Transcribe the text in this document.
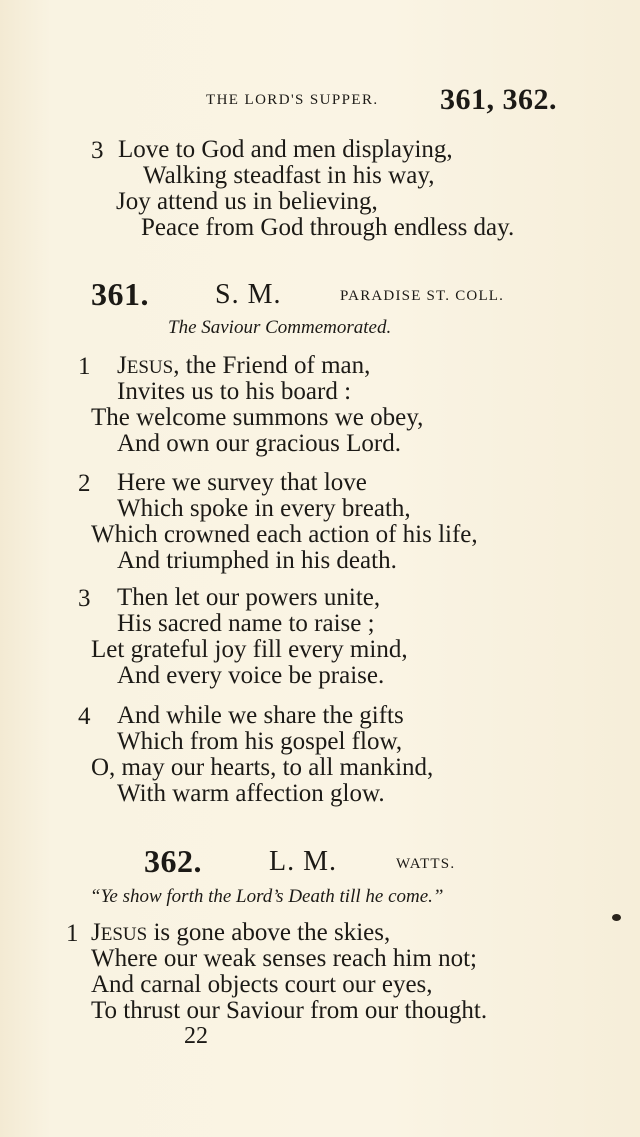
THE LORD'S SUPPER. 361, 362.
3 Love to God and men displaying,
Walking steadfast in his way,
Joy attend us in believing,
Peace from God through endless day.
361. S. M.	PARADISE ST. COLL.
The Saviour Commemorated.
1 JESUS, the Friend of man,
Invites us to his board :
The welcome summons we obey,
And own our gracious Lord.
2 Here we survey that love
Which spoke in every breath,
Which crowned each action of his life,
And triumphed in his death.
3 Then let our powers unite,
His sacred name to raise ;
Let grateful joy fill every mind,
And every voice be praise.
4 And while we share the gifts
Which from his gospel flow,
O, may our hearts, to all mankind,
With warm affection glow.
362. L. M.	WATTS.
“Ye show forth the Lord’s Death till he come.”
1 JESUS is gone above the skies,
Where our weak senses reach him not;
And carnal objects court our eyes,
To thrust our Saviour from our thought.
22
